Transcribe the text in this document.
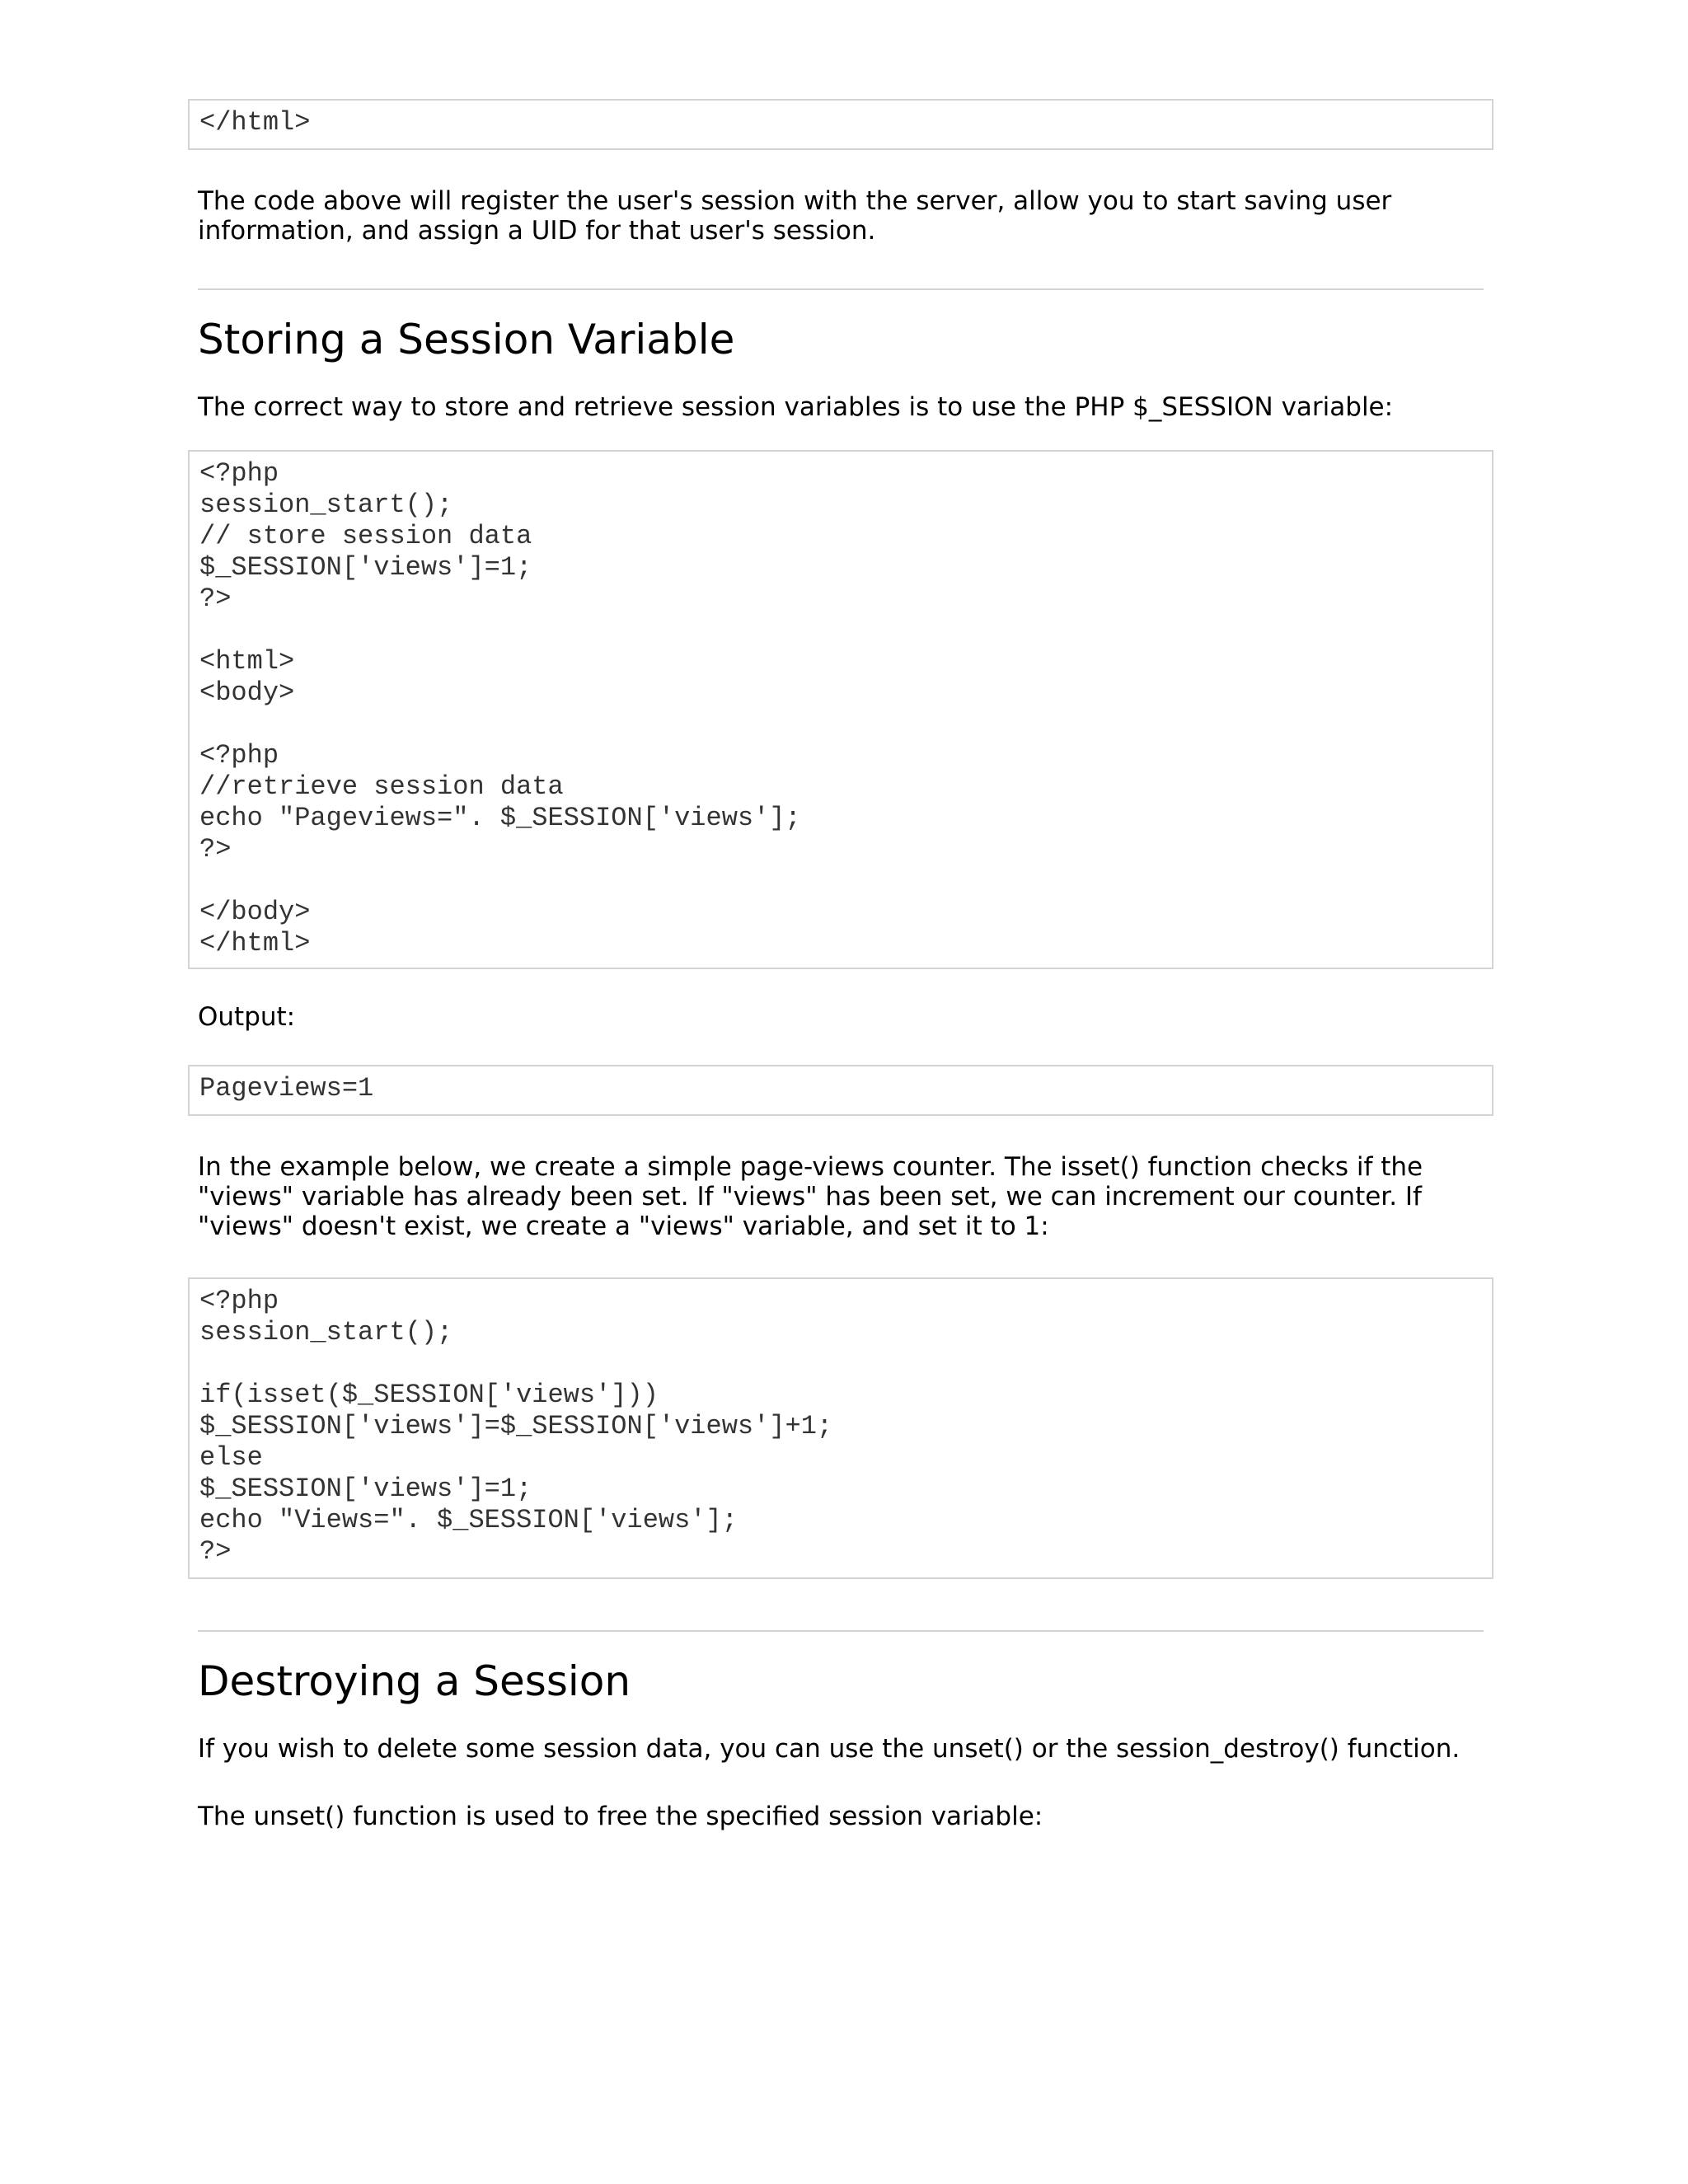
</html>

The code above will register the user's session with the server, allow you to start saving user information, and assign a UID for that user's session.

Storing a Session Variable

The correct way to store and retrieve session variables is to use the PHP $_SESSION variable:

<?php
session_start();
// store session data
$_SESSION['views']=1;
?>

<html>
<body>

<?php
//retrieve session data
echo "Pageviews=". $_SESSION['views'];
?>

</body>
</html>

Output:

Pageviews=1

In the example below, we create a simple page-views counter. The isset() function checks if the "views" variable has already been set. If "views" has been set, we can increment our counter. If "views" doesn't exist, we create a "views" variable, and set it to 1:

<?php
session_start();

if(isset($_SESSION['views']))
$_SESSION['views']=$_SESSION['views']+1;
else
$_SESSION['views']=1;
echo "Views=". $_SESSION['views'];
?>
Destroying a Session

If you wish to delete some session data, you can use the unset() or the session_destroy() function.

The unset() function is used to free the specified session variable:
